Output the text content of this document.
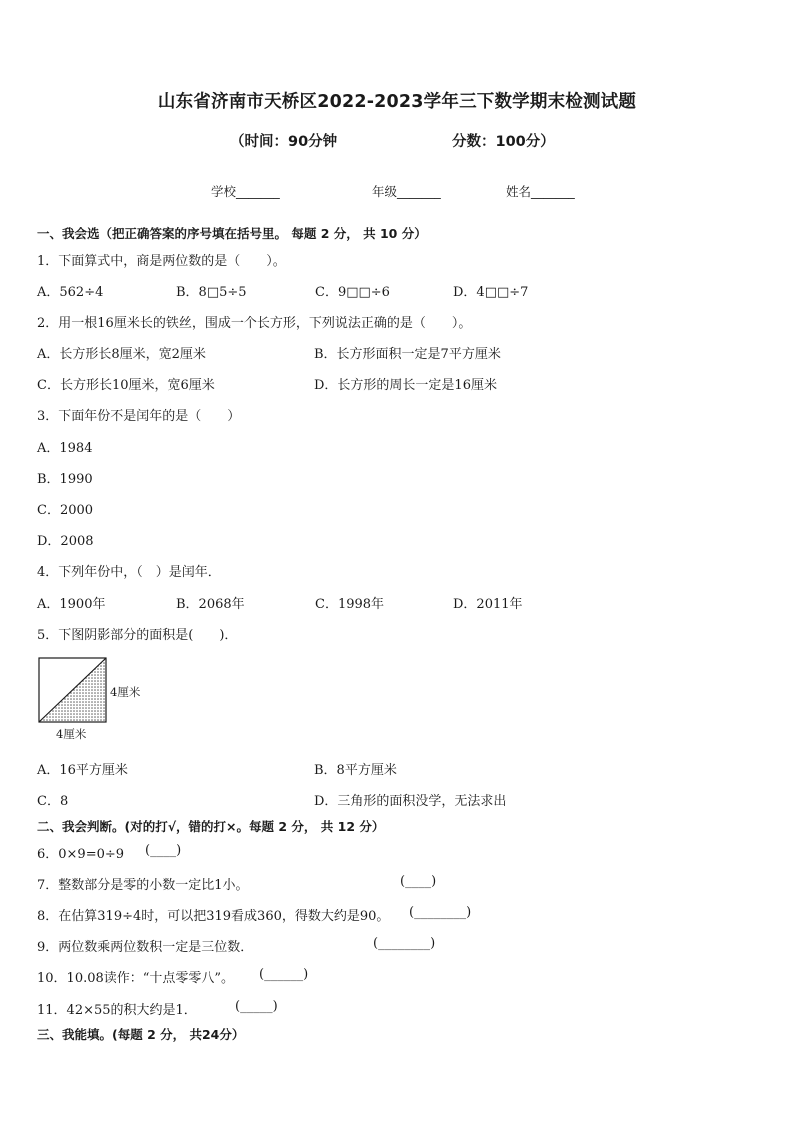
山东省济南市天桥区2022-2023学年三下数学期末检测试题
（时间：90分钟	分数：100分）
学校_______	年级_______	姓名_______
一、我会选（把正确答案的序号填在括号里。 每题 2 分， 共 10 分）
1．下面算式中，商是两位数的是（　　）。
A．562÷4	B．8□5÷5	C．9□□÷6	D．4□□÷7
2．用一根16厘米长的铁丝，围成一个长方形，下列说法正确的是（　　）。
A．长方形长8厘米，宽2厘米	B．长方形面积一定是7平方厘米
C．长方形长10厘米，宽6厘米	D．长方形的周长一定是16厘米
3．下面年份不是闰年的是（　　）
A．1984
B．1990
C．2000
D．2008
4．下列年份中，（　）是闰年．
A．1900年	B．2068年	C．1998年	D．2011年
5．下图阴影部分的面积是(　　)．
4厘米
4厘米
A．16平方厘米	B．8平方厘米
C．8	D．三角形的面积没学，无法求出
二、我会判断。(对的打√，错的打×。每题 2 分， 共 12 分）
6．0×9=0÷9 (____)
7．整数部分是零的小数一定比1小。	(____)
8．在估算319÷4时，可以把319看成360，得数大约是90。 (________)
9．两位数乘两位数积一定是三位数．	(________)
10．10.08读作：“十点零零八”。 (______)
11．42×55的积大约是1．	(_____)
三、我能填。(每题 2 分， 共24分）
